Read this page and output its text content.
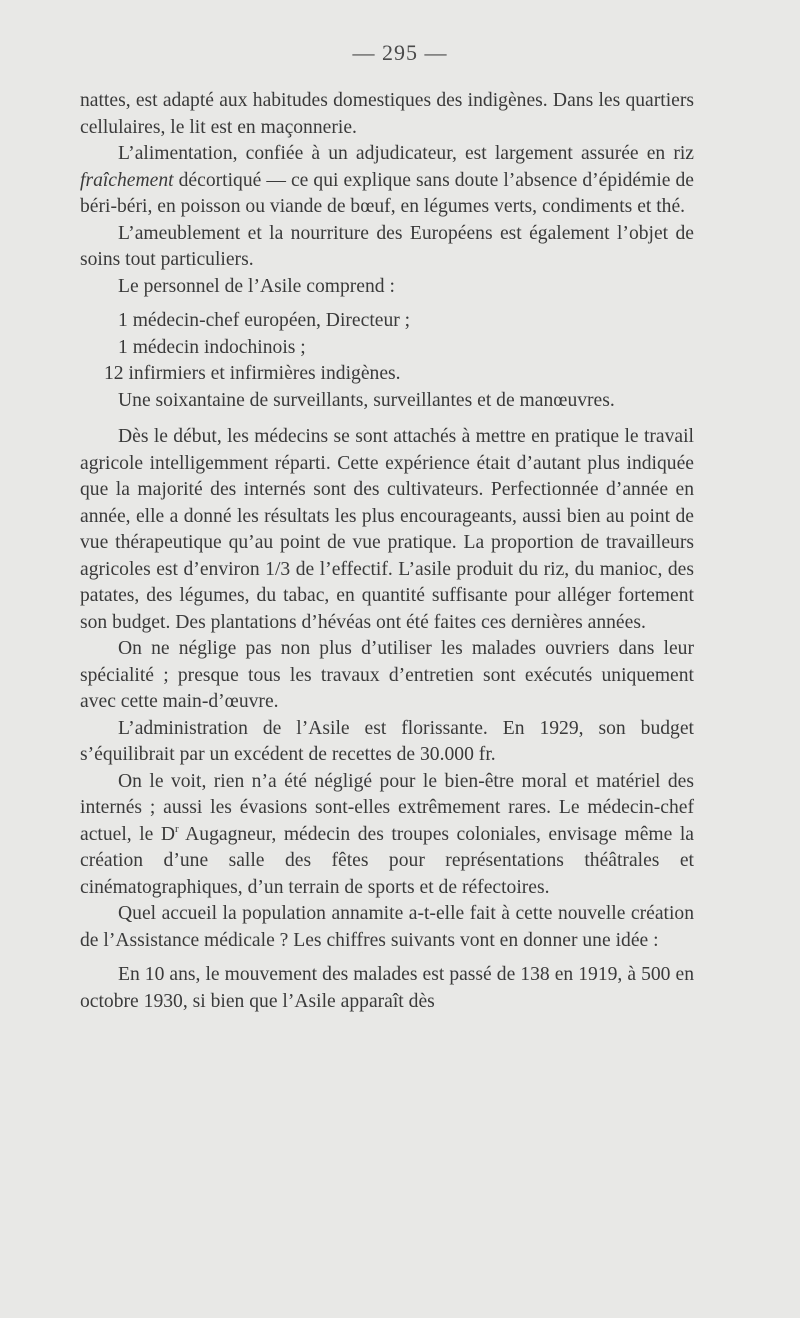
— 295 —

nattes, est adapté aux habitudes domestiques des indigènes. Dans les quartiers cellulaires, le lit est en maçonnerie.

L’alimentation, confiée à un adjudicateur, est largement assurée en riz fraîchement décortiqué — ce qui explique sans doute l’absence d’épidémie de béri-béri, en poisson ou viande de bœuf, en légumes verts, condiments et thé.

L’ameublement et la nourriture des Européens est également l’objet de soins tout particuliers.

Le personnel de l’Asile comprend :

1 médecin-chef européen, Directeur ;

1 médecin indochinois ;

12 infirmiers et infirmières indigènes.

Une soixantaine de surveillants, surveillantes et de manœuvres.

Dès le début, les médecins se sont attachés à mettre en pratique le travail agricole intelligemment réparti. Cette expérience était d’autant plus indiquée que la majorité des internés sont des cultivateurs. Perfectionnée d’année en année, elle a donné les résultats les plus encourageants, aussi bien au point de vue thérapeutique qu’au point de vue pratique. La proportion de travailleurs agricoles est d’environ 1/3 de l’effectif. L’asile produit du riz, du manioc, des patates, des légumes, du tabac, en quantité suffisante pour alléger fortement son budget. Des plantations d’hévéas ont été faites ces dernières années.

On ne néglige pas non plus d’utiliser les malades ouvriers dans leur spécialité ; presque tous les travaux d’entretien sont exécutés uniquement avec cette main-d’œuvre.

L’administration de l’Asile est florissante. En 1929, son budget s’équilibrait par un excédent de recettes de 30.000 fr.

On le voit, rien n’a été négligé pour le bien-être moral et matériel des internés ; aussi les évasions sont-elles extrêmement rares. Le médecin-chef actuel, le $D^r$ Augagneur, médecin des troupes coloniales, envisage même la création d’une salle des fêtes pour représentations théâtrales et cinématographiques, d’un terrain de sports et de réfectoires.

Quel accueil la population annamite a-t-elle fait à cette nouvelle création de l’Assistance médicale ? Les chiffres suivants vont en donner une idée :

En 10 ans, le mouvement des malades est passé de 138 en 1919, à 500 en octobre 1930, si bien que l’Asile apparaît dès
